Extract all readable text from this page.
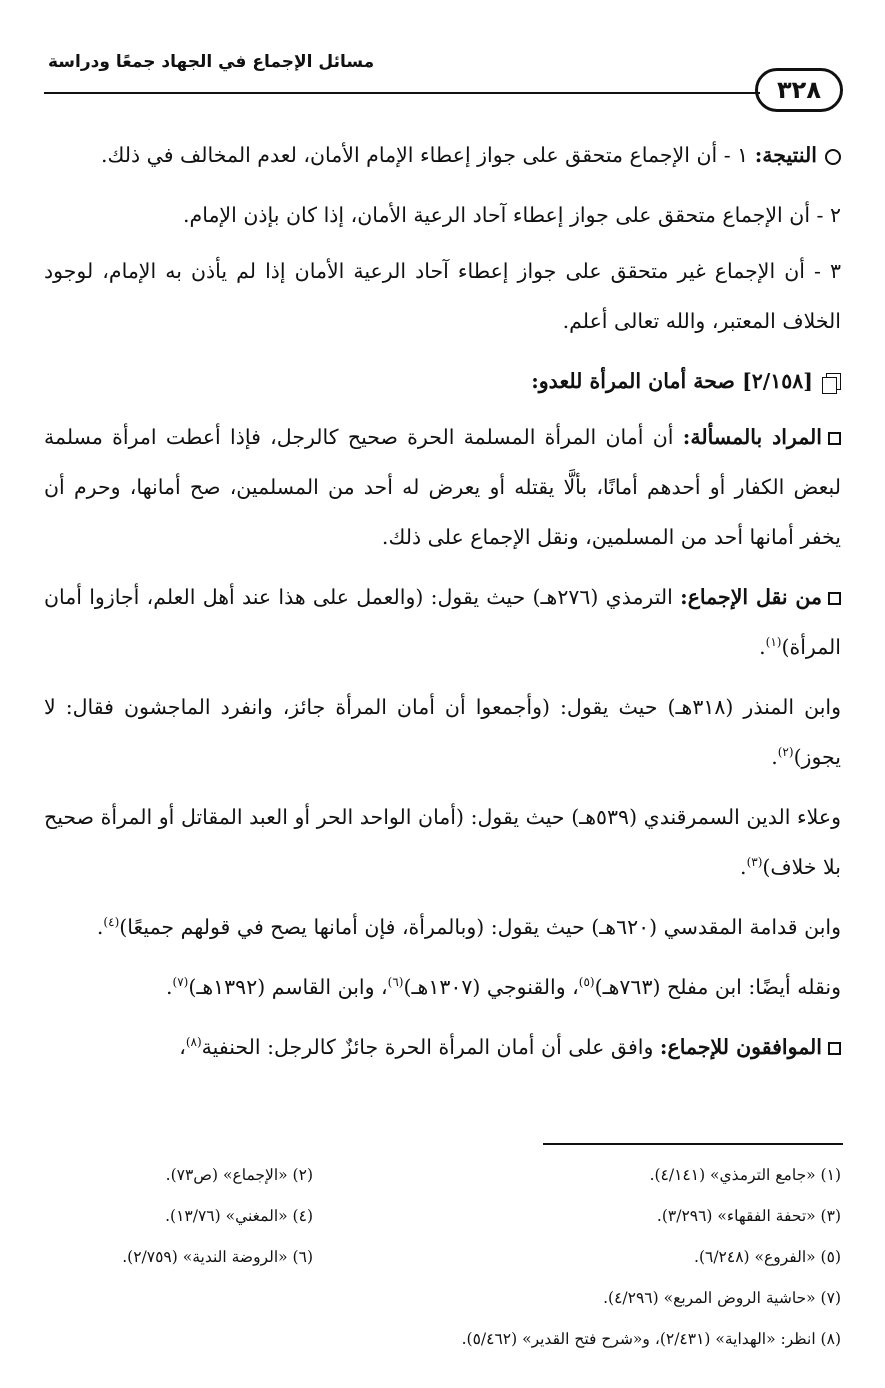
مسائل الإجماع في الجهاد جمعًا ودراسة
٣٢٨

النتيجة: ١ - أن الإجماع متحقق على جواز إعطاء الإمام الأمان، لعدم المخالف في ذلك.

٢ - أن الإجماع متحقق على جواز إعطاء آحاد الرعية الأمان، إذا كان بإذن الإمام.

٣ - أن الإجماع غير متحقق على جواز إعطاء آحاد الرعية الأمان إذا لم يأذن به الإمام، لوجود الخلاف المعتبر، والله تعالى أعلم.

[٢/١٥٨] صحة أمان المرأة للعدو:

المراد بالمسألة: أن أمان المرأة المسلمة الحرة صحيح كالرجل، فإذا أعطت امرأة مسلمة لبعض الكفار أو أحدهم أمانًا، بألَّا يقتله أو يعرض له أحد من المسلمين، صح أمانها، وحرم أن يخفر أمانها أحد من المسلمين، ونقل الإجماع على ذلك.

من نقل الإجماع: الترمذي (٢٧٦هـ) حيث يقول: (والعمل على هذا عند أهل العلم، أجازوا أمان المرأة)$^{(١)}$.

وابن المنذر (٣١٨هـ) حيث يقول: (وأجمعوا أن أمان المرأة جائز، وانفرد الماجشون فقال: لا يجوز)$^{(٢)}$.

وعلاء الدين السمرقندي (٥٣٩هـ) حيث يقول: (أمان الواحد الحر أو العبد المقاتل أو المرأة صحيح بلا خلاف)$^{(٣)}$.

وابن قدامة المقدسي (٦٢٠هـ) حيث يقول: (وبالمرأة، فإن أمانها يصح في قولهم جميعًا)$^{(٤)}$.

ونقله أيضًا: ابن مفلح (٧٦٣هـ)$^{(٥)}$، والقنوجي (١٣٠٧هـ)$^{(٦)}$، وابن القاسم (١٣٩٢هـ)$^{(٧)}$.

الموافقون للإجماع: وافق على أن أمان المرأة الحرة جائزٌ كالرجل: الحنفية$^{(٨)}$،

(١) «جامع الترمذي» (٤/١٤١).
(٢) «الإجماع» (ص٧٣).
(٣) «تحفة الفقهاء» (٣/٢٩٦).
(٤) «المغني» (١٣/٧٦).
(٥) «الفروع» (٦/٢٤٨).
(٦) «الروضة الندية» (٢/٧٥٩).
(٧) «حاشية الروض المربع» (٤/٢٩٦).
(٨) انظر: «الهداية» (٢/٤٣١)، و«شرح فتح القدير» (٥/٤٦٢).
